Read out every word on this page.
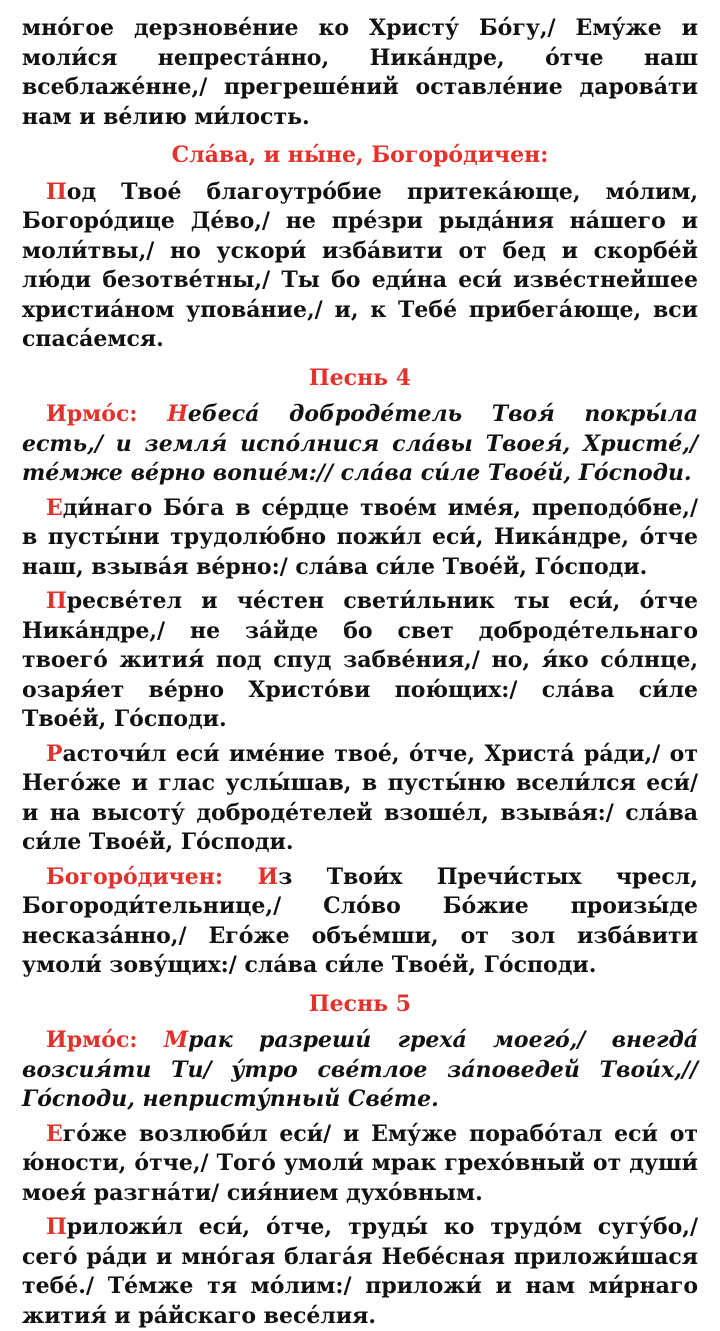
мно́гое дерзнове́ние ко Христу́ Бо́гу,/ Ему́же и моли́ся непреста́нно, Ника́ндре, о́тче наш всеблаже́нне,/ прегреше́ний оставле́ние дарова́ти нам и ве́лию ми́лость.

Сла́ва, и ны́не, Богоро́дичен:

Под Твое́ благоутро́бие притека́юще, мо́лим, Богоро́дице Де́во,/ не пре́зри рыда́ния на́шего и моли́твы,/ но ускори́ изба́вити от бед и скорбе́й лю́ди безотве́тны,/ Ты бо еди́на еси́ изве́стнейшее христиа́ном упова́ние,/ и, к Тебе́ прибега́юще, вси спаса́емся.

Песнь 4

Ирмо́с: Небеса́ доброде́тель Твоя́ покры́ла есть,/ и земля́ испо́лнися сла́вы Твоея́, Христе́,/ те́мже ве́рно вопие́м:// сла́ва си́ле Твое́й, Го́споди.

Еди́наго Бо́га в се́рдце твое́м име́я, преподо́бне,/ в пусты́ни трудолю́бно пожи́л еси́, Ника́ндре, о́тче наш, взыва́я ве́рно:/ сла́ва си́ле Твое́й, Го́споди.

Пресве́тел и че́стен свети́льник ты еси́, о́тче Ника́ндре,/ не за́йде бо свет доброде́тельнаго твоего́ жития́ под спуд забве́ния,/ но, я́ко со́лнце, озаря́ет ве́рно Христо́ви пою́щих:/ сла́ва си́ле Твое́й, Го́споди.

Расточи́л еси́ име́ние твое́, о́тче, Христа́ ра́ди,/ от Него́же и глас услы́шав, в пусты́ню всели́лся еси́/ и на высоту́ доброде́телей взоше́л, взыва́я:/ сла́ва си́ле Твое́й, Го́споди.

Богоро́дичен: Из Твои́х Пречи́стых чресл, Богороди́тельнице,/ Сло́во Бо́жие произы́де несказа́нно,/ Его́же объе́мши, от зол изба́вити умоли́ зову́щих:/ сла́ва си́ле Твое́й, Го́споди.

Песнь 5

Ирмо́с: Мрак разреши́ греха́ моего́,/ внегда́ возсия́ти Ти/ у́тро све́тлое за́поведей Твои́х,// Го́споди, непристу́пный Све́те.

Его́же возлюби́л еси́/ и Ему́же порабо́тал еси́ от ю́ности, о́тче,/ Того́ умоли́ мрак грехо́вный от души́ моея́ разгна́ти/ сия́нием духо́вным.

Приложи́л еси́, о́тче, труды́ ко трудо́м сугу́бо,/ сего́ ра́ди и мно́гая блага́я Небе́сная приложи́шася тебе́./ Те́мже тя мо́лим:/ приложи́ и нам ми́рнаго жития́ и ра́йскаго весе́лия.
